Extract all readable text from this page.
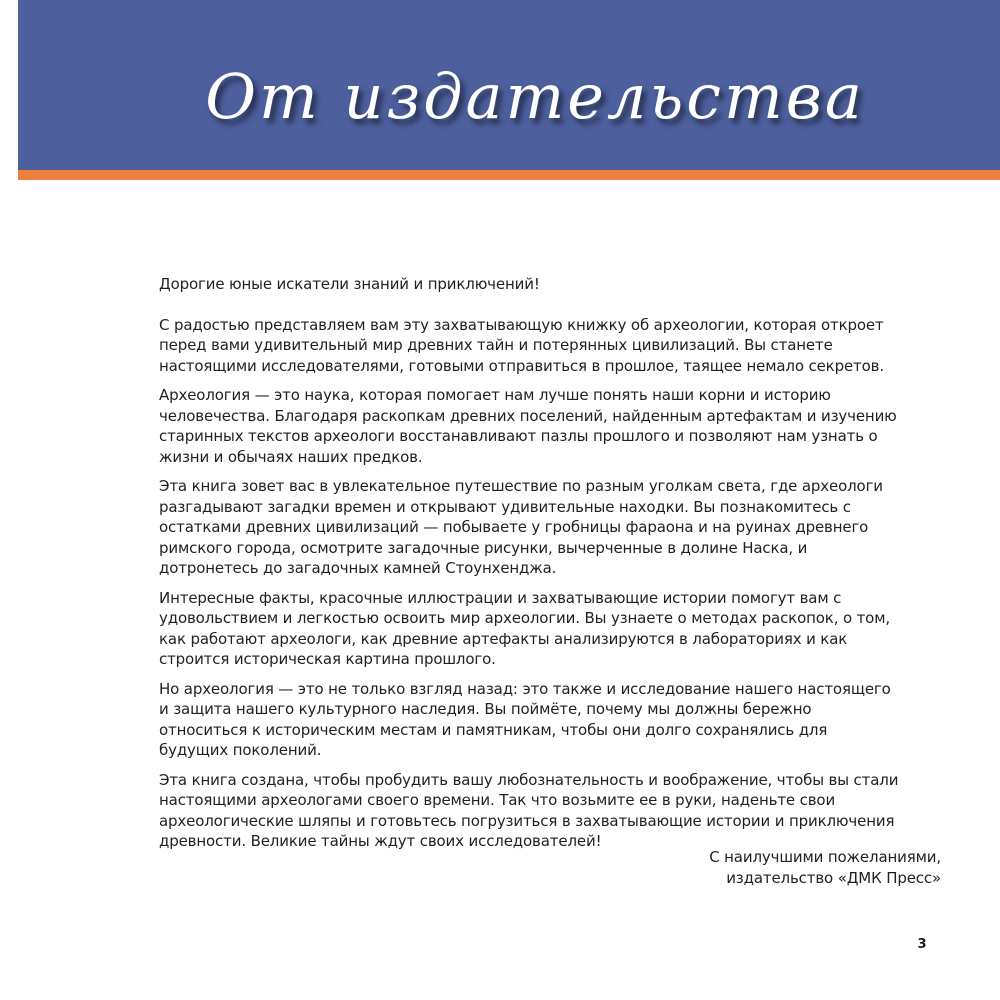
От издательства

Дорогие юные искатели знаний и приключений!

С радостью представляем вам эту захватывающую книжку об археологии, которая откроет перед вами удивительный мир древних тайн и потерянных цивилизаций. Вы станете настоящими исследователями, готовыми отправиться в прошлое, таящее немало секретов.

Археология — это наука, которая помогает нам лучше понять наши корни и историю человечества. Благодаря раскопкам древних поселений, найденным артефактам и изучению старинных текстов археологи восстанавливают пазлы прошлого и позволяют нам узнать о жизни и обычаях наших предков.

Эта книга зовет вас в увлекательное путешествие по разным уголкам света, где археологи разгадывают загадки времен и открывают удивительные находки. Вы познакомитесь с остатками древних цивилизаций — побываете у гробницы фараона и на руинах древнего римского города, осмотрите загадочные рисунки, вычерченные в долине Наска, и дотронетесь до загадочных камней Стоунхенджа.

Интересные факты, красочные иллюстрации и захватывающие истории помогут вам с удовольствием и легкостью освоить мир археологии. Вы узнаете о методах раскопок, о том, как работают археологи, как древние артефакты анализируются в лабораториях и как строится историческая картина прошлого.

Но археология — это не только взгляд назад: это также и исследование нашего настоящего и защита нашего культурного наследия. Вы поймёте, почему мы должны бережно относиться к историческим местам и памятникам, чтобы они долго сохранялись для будущих поколений.

Эта книга создана, чтобы пробудить вашу любознательность и воображение, чтобы вы стали настоящими археологами своего времени. Так что возьмите ее в руки, наденьте свои археологические шляпы и готовьтесь погрузиться в захватывающие истории и приключения древности. Великие тайны ждут своих исследователей!

С наилучшими пожеланиями,
издательство «ДМК Пресс»
3
